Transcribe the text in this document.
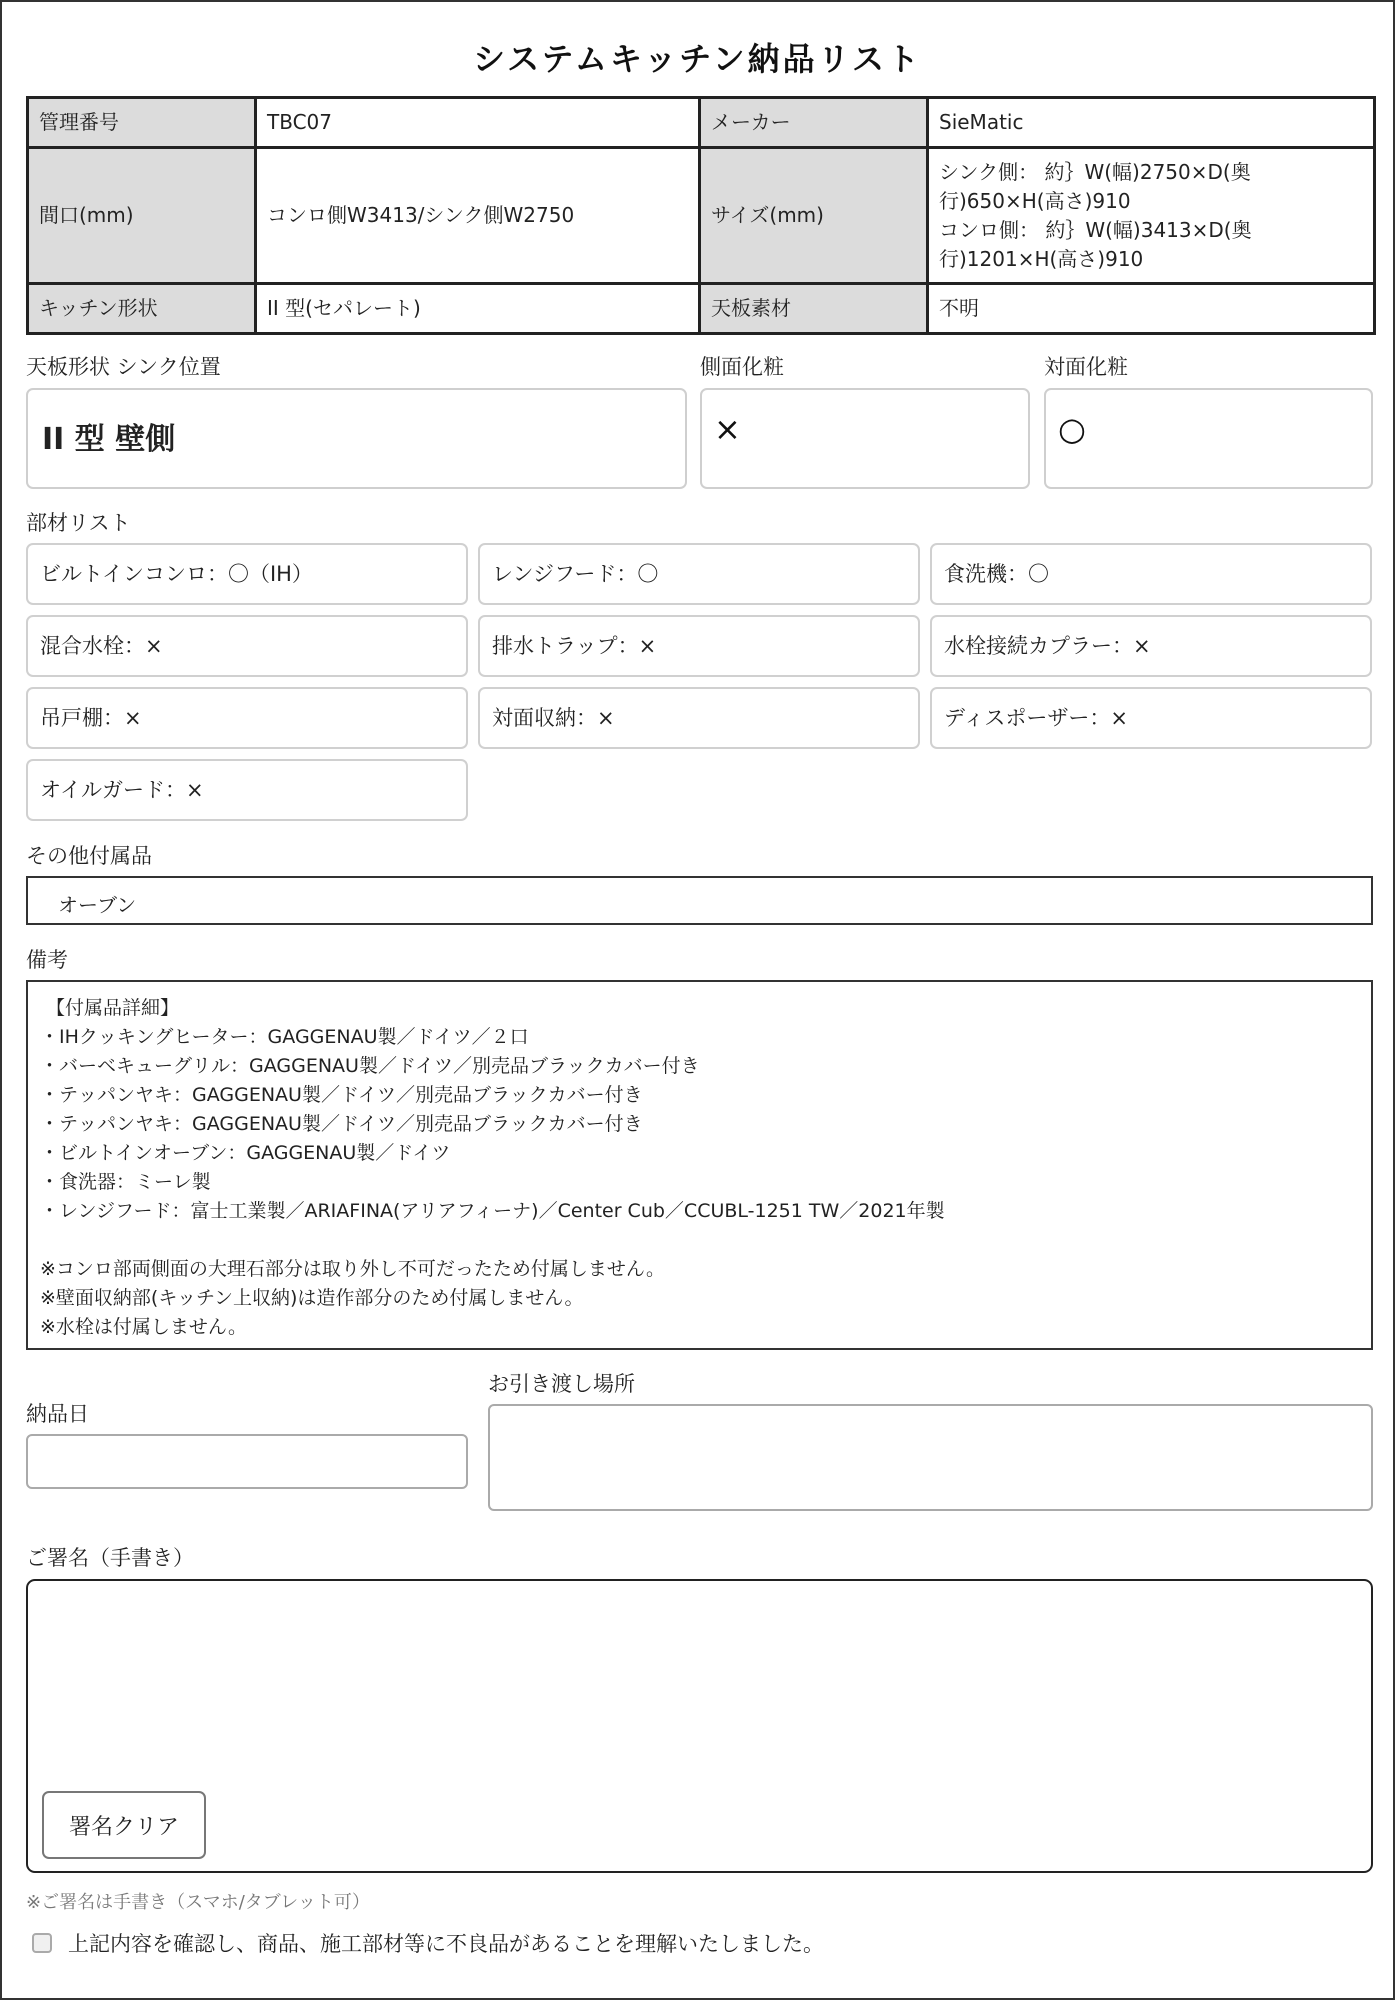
システムキッチン納品リスト
管理番号	TBC07	メーカー	SieMatic
間口(mm)	コンロ側W3413/シンク側W2750	サイズ(mm)	シンク側： 約｝W(幅)2750×D(奥
行)650×H(高さ)910
コンロ側： 約｝W(幅)3413×D(奥
行)1201×H(高さ)910

キッチン形状	II 型(セパレート)	天板素材	不明
天板形状 シンク位置
II 型 壁側
側面化粧
×
対面化粧
○
部材リスト
ビルトインコンロ：〇（IH）	レンジフード：〇	食洗機：〇
混合水栓：×	排水トラップ：×	水栓接続カプラー：×
吊戸棚：×	対面収納：×	ディスポーザー：×
オイルガード：×
その他付属品
オーブン
備考
【付属品詳細】
・IHクッキングヒーター：GAGGENAU製／ドイツ／２口
・バーベキューグリル：GAGGENAU製／ドイツ／別売品ブラックカバー付き
・テッパンヤキ：GAGGENAU製／ドイツ／別売品ブラックカバー付き
・テッパンヤキ：GAGGENAU製／ドイツ／別売品ブラックカバー付き
・ビルトインオーブン：GAGGENAU製／ドイツ
・食洗器：ミーレ製
・レンジフード：富士工業製／ARIAFINA(アリアフィーナ)／Center Cub／CCUBL-1251 TW／2021年製
※コンロ部両側面の大理石部分は取り外し不可だったため付属しません。
※壁面収納部(キッチン上収納)は造作部分のため付属しません。
※水栓は付属しません。
納品日
お引き渡し場所
ご署名（手書き）
署名クリア
※ご署名は手書き（スマホ/タブレット可）
上記内容を確認し、商品、施工部材等に不良品があることを理解いたしました。
